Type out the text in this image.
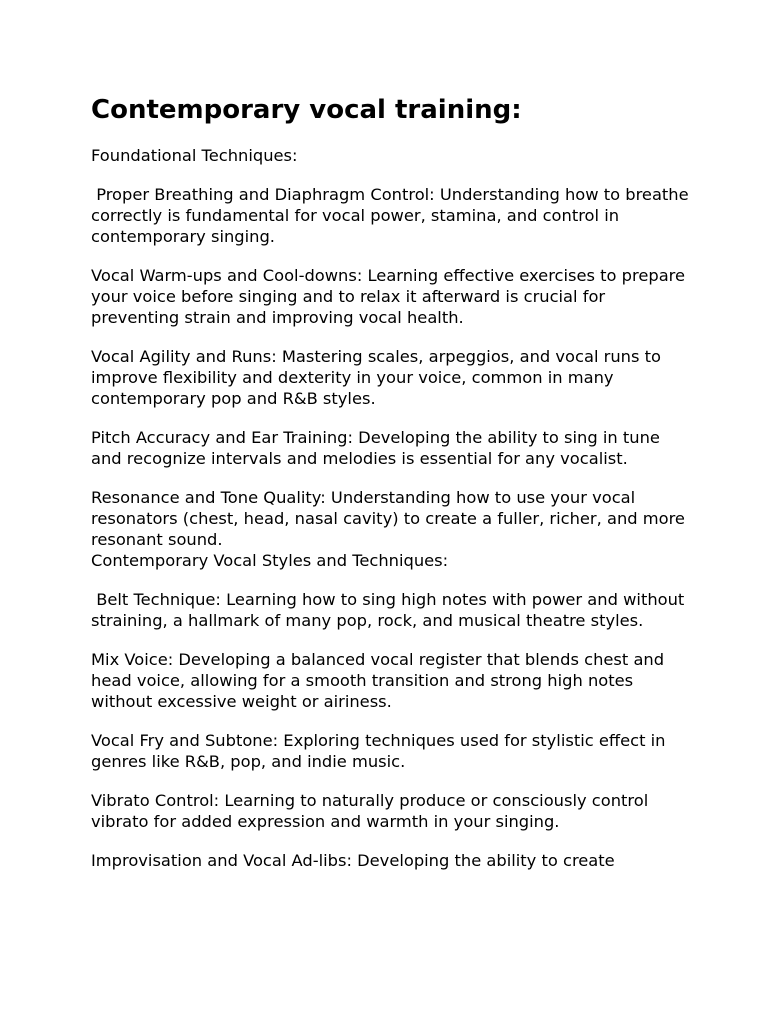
Contemporary vocal training:

Foundational Techniques:

Proper Breathing and Diaphragm Control: Understanding how to breathe correctly is fundamental for vocal power, stamina, and control in contemporary singing.

Vocal Warm-ups and Cool-downs: Learning effective exercises to prepare your voice before singing and to relax it afterward is crucial for preventing strain and improving vocal health.

Vocal Agility and Runs: Mastering scales, arpeggios, and vocal runs to improve flexibility and dexterity in your voice, common in many contemporary pop and R&B styles.

Pitch Accuracy and Ear Training: Developing the ability to sing in tune and recognize intervals and melodies is essential for any vocalist.

Resonance and Tone Quality: Understanding how to use your vocal resonators (chest, head, nasal cavity) to create a fuller, richer, and more resonant sound.

Contemporary Vocal Styles and Techniques:

Belt Technique: Learning how to sing high notes with power and without straining, a hallmark of many pop, rock, and musical theatre styles.

Mix Voice: Developing a balanced vocal register that blends chest and head voice, allowing for a smooth transition and strong high notes without excessive weight or airiness.

Vocal Fry and Subtone: Exploring techniques used for stylistic effect in genres like R&B, pop, and indie music.

Vibrato Control: Learning to naturally produce or consciously control vibrato for added expression and warmth in your singing.

Improvisation and Vocal Ad-libs: Developing the ability to create
